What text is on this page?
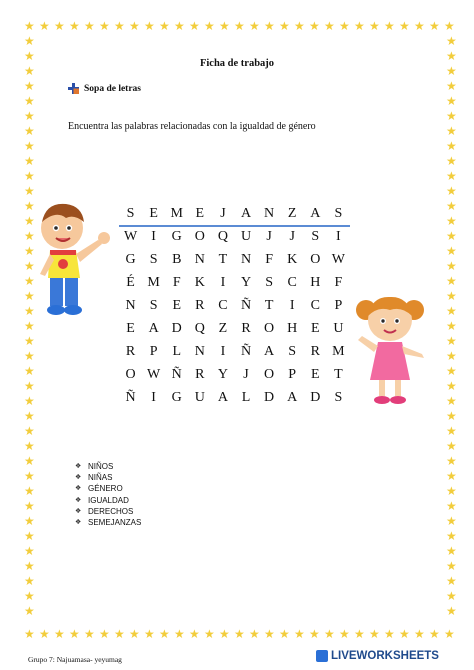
★
★
★
★
★
★
★
★
★
★
★
★
★
★
★
★
★
★
★
★
★
★
★
★
★
★
★
★
★
★
★
★
★
★
★
★
★
★
★
★
★
★
★
★
★
★
★
★
★
★
★
★
★
★
★
★
★
★
★	★
★	★
★	★
★	★
★	★
★	★
★	★
★	★
★	★
★	★
★	★
★	★
★	★
★	★
★	★
★	★
★	★
★	★
★	★
★	★
★	★
★	★
★	★
★	★
★	★
★	★
★	★
★	★
★	★
★	★
★	★
★	★
★	★
★	★
★	★
★	★
★	★
★	★
★	★
Ficha de trabajo
Sopa de letras
Encuentra las palabras relacionadas con la igualdad de género
S	E M E	J	A N Z A	S
W	I	G O Q U	J	J	S	I
G	S	B N T N	F	K O W
É M F	K	I	Y	S	C H	F
N	S	E	R C Ñ T	I	C	P
E A D Q Z	R O H E U
R	P	L N	I	Ñ A	S	R M
O W Ñ R Y	J	O	P	E	T
Ñ	I	G U A L D A D	S
❖ NIÑOS
❖ NIÑAS
❖ GÉNERO
❖ IGUALDAD
❖ DERECHOS
❖ SEMEJANZAS
Grupo 7: Najuamasa- yeyumag	LIVEWORKSHEETS
